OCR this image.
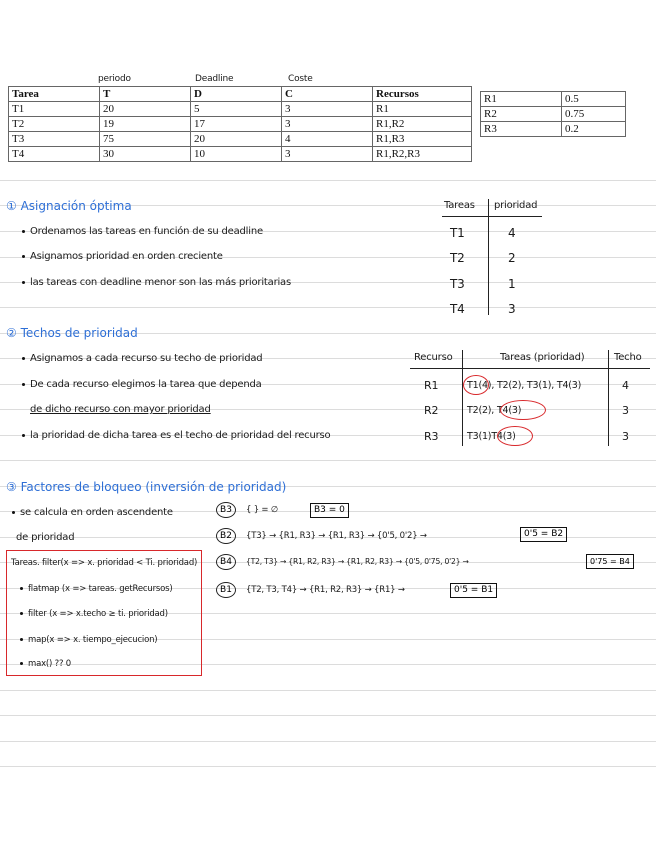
periodo	Deadline	Coste
Tarea	T	D	C	Recursos
T1	20	5	3	R1
T2	19	17	3	R1,R2
T3	75	20	4	R1,R3
T4	30	10	3	R1,R2,R3
R1	0.5
R2	0.75
R3	0.2
① Asignación óptima
Ordenamos las tareas en función de su deadline
Asignamos prioridad en orden creciente
las tareas con deadline menor son las más prioritarias
Tareas prioridad
T1	4
T2	2
T3	1
T4	3
② Techos de prioridad
Asignamos a cada recurso su techo de prioridad
De cada recurso elegimos la tarea que dependa
de dicho recurso con mayor prioridad
la prioridad de dicha tarea es el techo de prioridad del recurso
Recurso	Tareas (prioridad)	Techo
R1	T1(4), T2(2), T3(1), T4(3)	4
R2	T2(2), T4(3)	3
R3	T3(1)T4(3)	3
③ Factores de bloqueo (inversión de prioridad)
se calcula en orden ascendente
de prioridad
Tareas. filter(x => x. prioridad < Ti. prioridad)
flatmap (x => tareas. getRecursos)
filter (x => x.techo ≥ ti. prioridad)
map(x => x. tiempo_ejecucion)
max() ?? 0
B3	{ } = ∅	B3 = 0
B2	{T3} → {R1, R3} → {R1, R3} → {0'5, 0'2} →	0'5 = B2
B4	{T2, T3} → {R1, R2, R3} → {R1, R2, R3} → {0'5, 0'75, 0'2} →	0'75 = B4
B1	{T2, T3, T4} → {R1, R2, R3} → {R1} →	0'5 = B1
